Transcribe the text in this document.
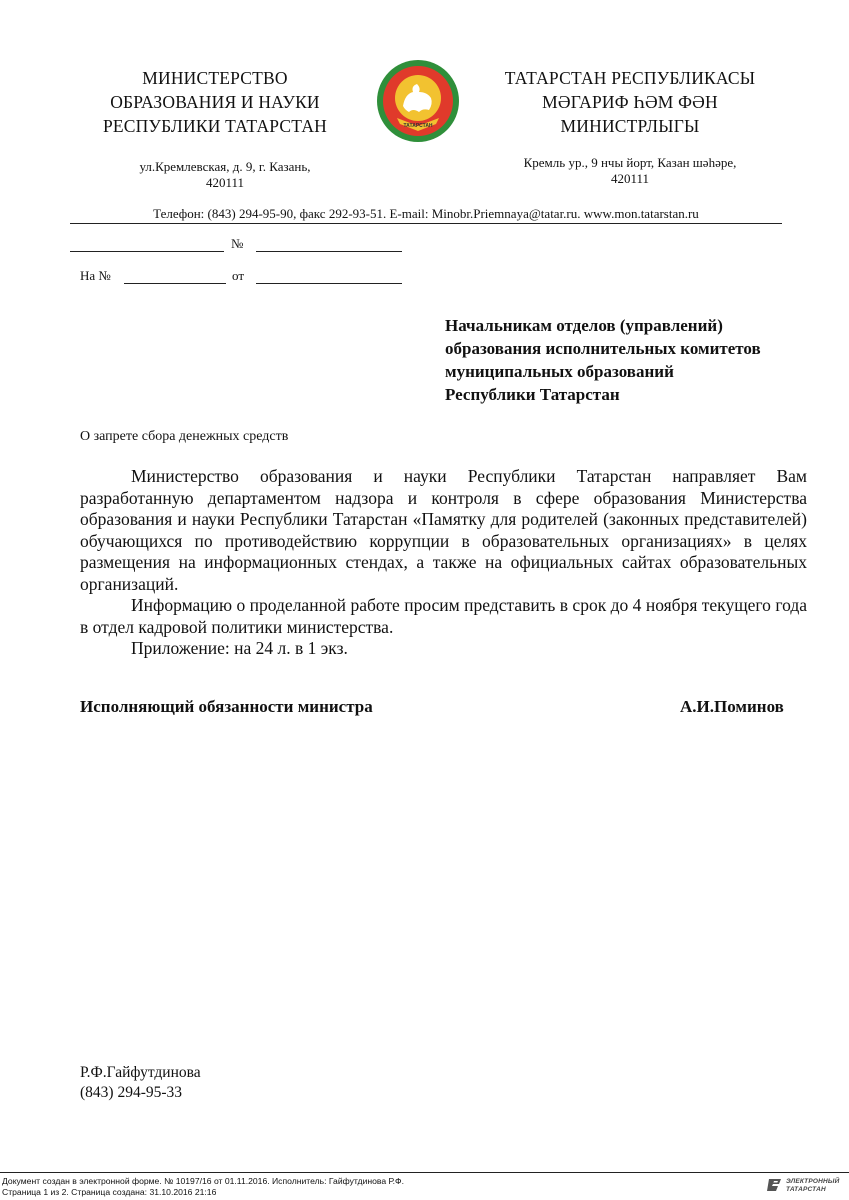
МИНИСТЕРСТВО
ОБРАЗОВАНИЯ И НАУКИ
РЕСПУБЛИКИ ТАТАРСТАН	ТАТАРСТАН
ТАТАРСТАН РЕСПУБЛИКАСЫ
МӘГАРИФ ҺӘМ ФӘН
МИНИСТРЛЫГЫ
ул.Кремлевская, д. 9, г. Казань,
420111
Кремль ур., 9 нчы йорт, Казан шәһәре,
420111
Телефон: (843) 294-95-90, факс 292-93-51. E-mail: Minobr.Priemnaya@tatar.ru. www.mon.tatarstan.ru
№
На №	от
Начальникам отделов (управлений)
образования исполнительных комитетов
муниципальных образований
Республики Татарстан
О запрете сбора денежных средств

Министерство образования и науки Республики Татарстан направляет Вам разработанную департаментом надзора и контроля в сфере образования Министерства образования и науки Республики Татарстан «Памятку для родителей (законных представителей) обучающихся по противодействию коррупции в образовательных организациях» в целях размещения на информационных стендах, а также на официальных сайтах образовательных организаций.

Информацию о проделанной работе просим представить в срок до 4 ноября текущего года в отдел кадровой политики министерства.

Приложение: на 24 л. в 1 экз.

Исполняющий обязанности министра	А.И.Поминов
Р.Ф.Гайфутдинова
(843) 294-95-33
Документ создан в электронной форме. № 10197/16 от 01.11.2016. Исполнитель: Гайфутдинова Р.Ф.
Страница 1 из 2. Страница создана: 31.10.2016 21:16
ЭЛЕКТРОННЫЙ
ТАТАРСТАН
